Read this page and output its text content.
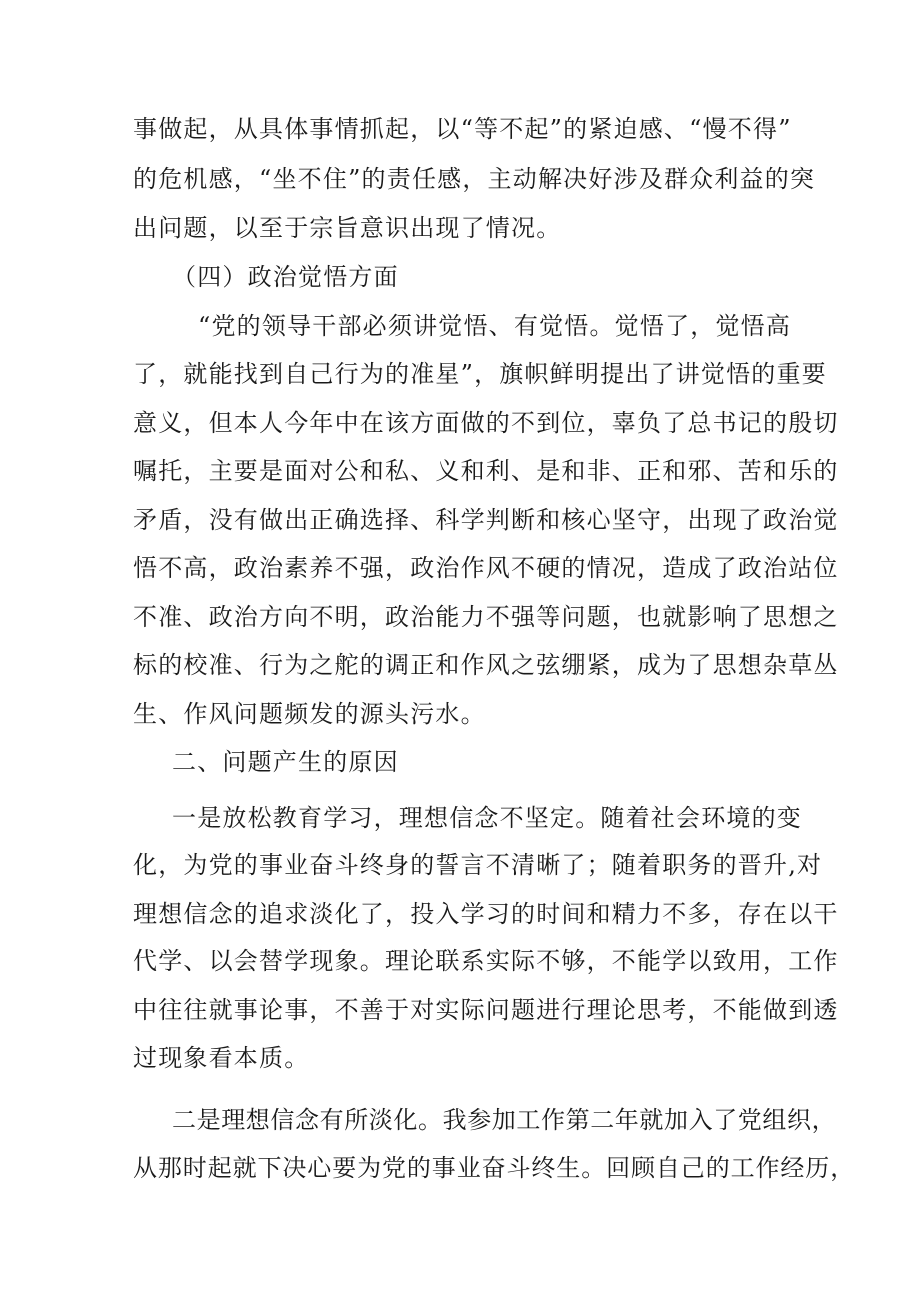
事做起，从具体事情抓起，以“等不起”的紧迫感、“慢不得”
的危机感，“坐不住”的责任感，主动解决好涉及群众利益的突
出问题，以至于宗旨意识出现了情况。
（四）政治觉悟方面
“党的领导干部必须讲觉悟、有觉悟。觉悟了，觉悟高
了，就能找到自己行为的准星”，旗帜鲜明提出了讲觉悟的重要
意义，但本人今年中在该方面做的不到位，辜负了总书记的殷切
嘱托，主要是面对公和私、义和利、是和非、正和邪、苦和乐的
矛盾，没有做出正确选择、科学判断和核心坚守，出现了政治觉
悟不高，政治素养不强，政治作风不硬的情况，造成了政治站位
不准、政治方向不明，政治能力不强等问题，也就影响了思想之
标的校准、行为之舵的调正和作风之弦绷紧，成为了思想杂草丛
生、作风问题频发的源头污水。
二、问题产生的原因
一是放松教育学习，理想信念不坚定。随着社会环境的变
化，为党的事业奋斗终身的誓言不清晰了；随着职务的晋升,对
理想信念的追求淡化了，投入学习的时间和精力不多，存在以干
代学、以会替学现象。理论联系实际不够，不能学以致用，工作
中往往就事论事，不善于对实际问题进行理论思考，不能做到透
过现象看本质。
二是理想信念有所淡化。我参加工作第二年就加入了党组织，
从那时起就下决心要为党的事业奋斗终生。回顾自己的工作经历，
